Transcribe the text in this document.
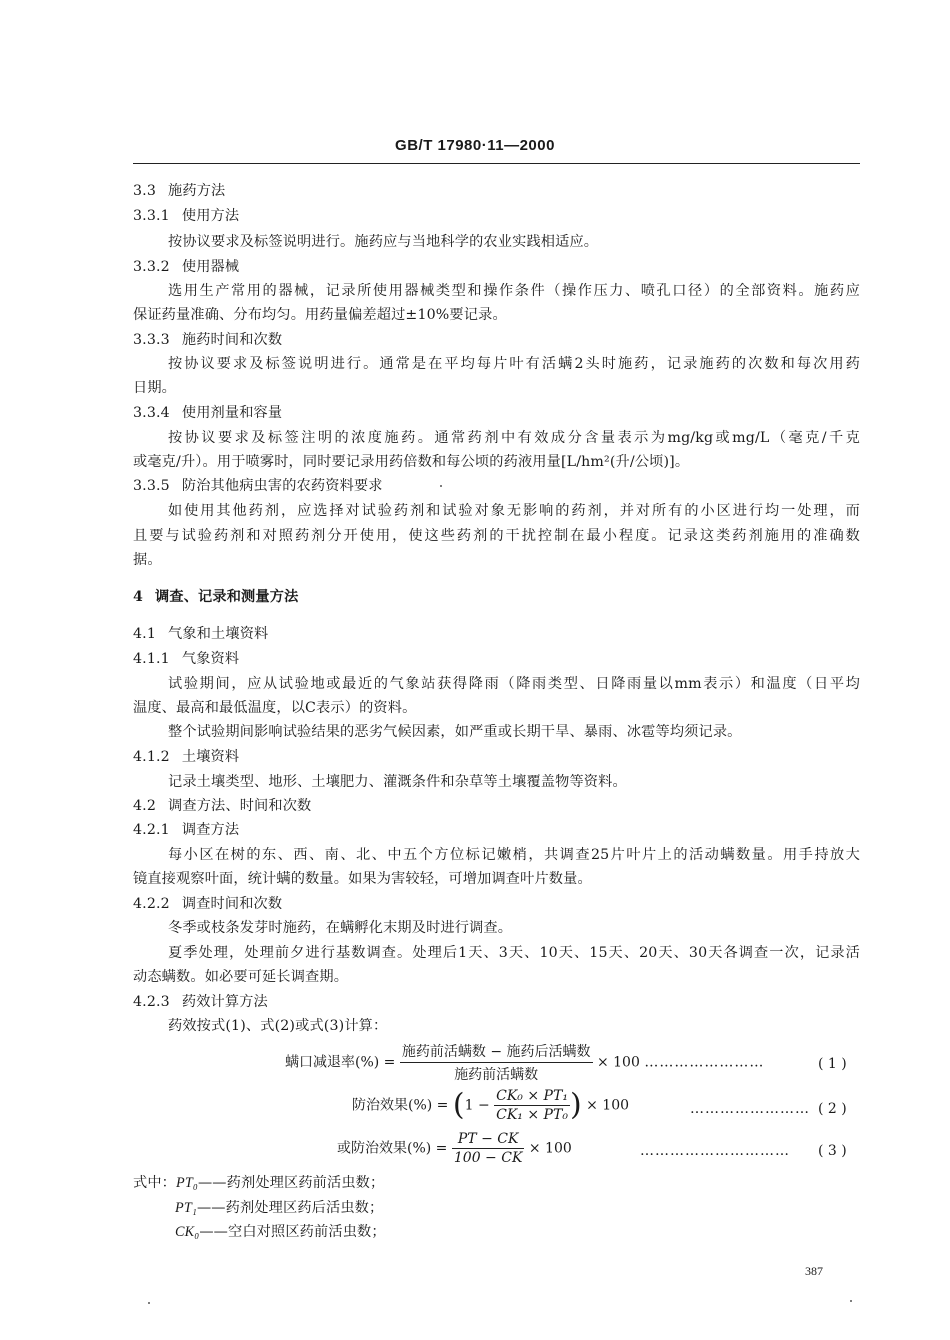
GB/T 17980·11—2000
3.3 施药方法
3.3.1 使用方法
按协议要求及标签说明进行。施药应与当地科学的农业实践相适应。
3.3.2 使用器械
选用生产常用的器械，记录所使用器械类型和操作条件（操作压力、喷孔口径）的全部资料。施药应
保证药量准确、分布均匀。用药量偏差超过±10%要记录。
3.3.3 施药时间和次数
按协议要求及标签说明进行。通常是在平均每片叶有活螨2头时施药，记录施药的次数和每次用药
日期。
3.3.4 使用剂量和容量
按协议要求及标签注明的浓度施药。通常药剂中有效成分含量表示为mg/kg或mg/L（毫克/千克
或毫克/升）。用于喷雾时，同时要记录用药倍数和每公顷的药液用量[L/hm²(升/公顷)]。
3.3.5 防治其他病虫害的农药资料要求
如使用其他药剂，应选择对试验药剂和试验对象无影响的药剂，并对所有的小区进行均一处理，而
且要与试验药剂和对照药剂分开使用，使这些药剂的干扰控制在最小程度。记录这类药剂施用的准确数
据。
4 调查、记录和测量方法
4.1 气象和土壤资料
4.1.1 气象资料
试验期间，应从试验地或最近的气象站获得降雨（降雨类型、日降雨量以mm表示）和温度（日平均
温度、最高和最低温度，以C表示）的资料。
整个试验期间影响试验结果的恶劣气候因素，如严重或长期干旱、暴雨、冰雹等均须记录。
4.1.2 土壤资料
记录土壤类型、地形、土壤肥力、灌溉条件和杂草等土壤覆盖物等资料。
4.2 调查方法、时间和次数
4.2.1 调查方法
每小区在树的东、西、南、北、中五个方位标记嫩梢，共调查25片叶片上的活动螨数量。用手持放大
镜直接观察叶面，统计螨的数量。如果为害较轻，可增加调查叶片数量。
4.2.2 调查时间和次数
冬季或枝条发芽时施药，在螨孵化末期及时进行调查。
夏季处理，处理前夕进行基数调查。处理后1天、3天、10天、15天、20天、30天各调查一次，记录活
动态螨数。如必要可延长调查期。
4.2.3 药效计算方法
药效按式(1)、式(2)或式(3)计算：
螨口减退率(%) = $\frac{\text{施药前活螨数 − 施药后活螨数}}{\text{施药前活螨数}} \times 100$ ……………………	( 1 )
防治效果(%) = ($1 - \frac{\text{CK₀ × PT₁}}{\text{CK₁ × PT₀}}$ ) × 100	…………………… ( 2 )
或防治效果(%) = $\frac{PT - CK}{100 - CK} \times 100$	………………………… ( 3 )
式中：PT₀——药剂处理区药前活虫数；
PT₁——药剂处理区药后活虫数；
CK₀——空白对照区药前活虫数；
387
